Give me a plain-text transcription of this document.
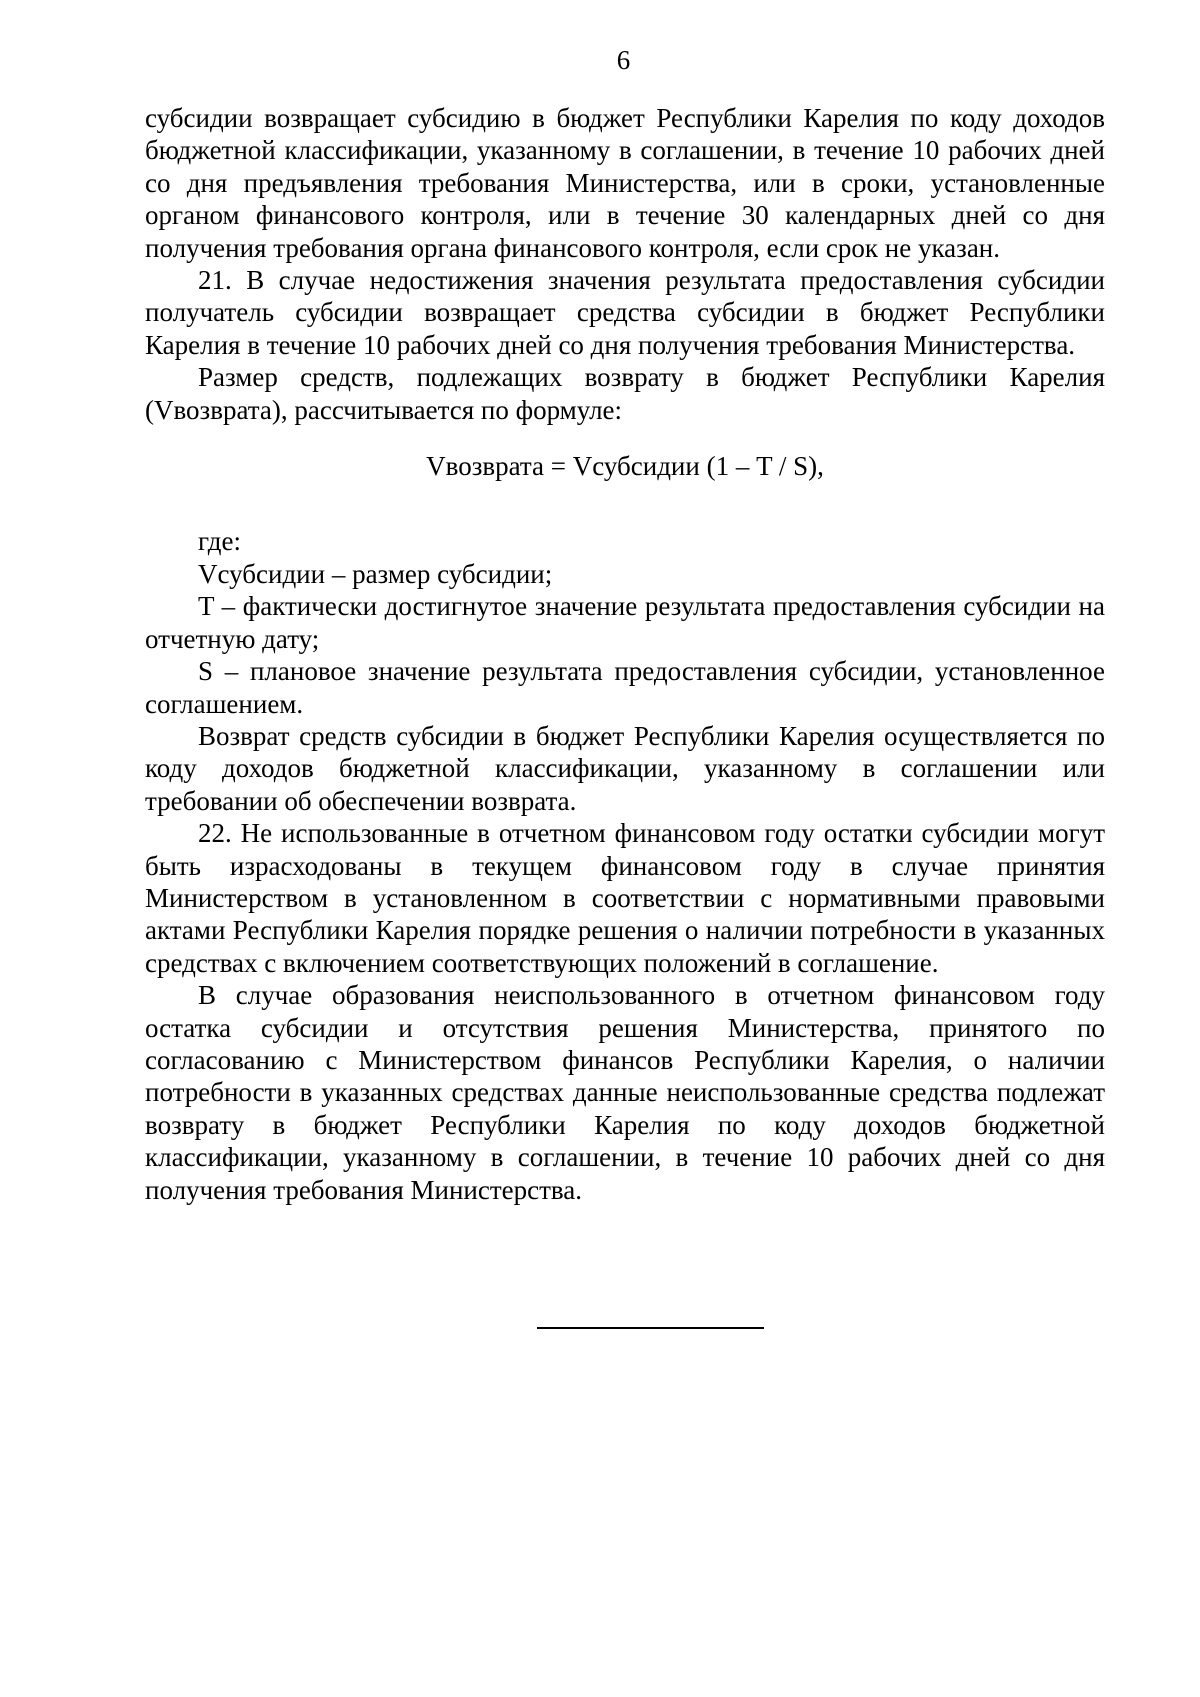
6

субсидии возвращает субсидию в бюджет Республики Карелия по коду доходов бюджетной классификации, указанному в соглашении, в течение 10 рабочих дней со дня предъявления требования Министерства, или в сроки, установленные органом финансового контроля, или в течение 30 календарных дней со дня получения требования органа финансового контроля, если срок не указан.

21. В случае недостижения значения результата предоставления субсидии получатель субсидии возвращает средства субсидии в бюджет Республики Карелия в течение 10 рабочих дней со дня получения требования Министерства.

Размер средств, подлежащих возврату в бюджет Республики Карелия (Vвозврата), рассчитывается по формуле:

Vвозврата = Vсубсидии (1 – T / S),

где:

Vсубсидии – размер субсидии;

T – фактически достигнутое значение результата предоставления субсидии на отчетную дату;

S – плановое значение результата предоставления субсидии, установленное соглашением.

Возврат средств субсидии в бюджет Республики Карелия осуществляется по коду доходов бюджетной классификации, указанному в соглашении или требовании об обеспечении возврата.

22. Не использованные в отчетном финансовом году остатки субсидии могут быть израсходованы в текущем финансовом году в случае принятия Министерством в установленном в соответствии с нормативными правовыми актами Республики Карелия порядке решения о наличии потребности в указанных средствах с включением соответствующих положений в соглашение.

В случае образования неиспользованного в отчетном финансовом году остатка субсидии и отсутствия решения Министерства, принятого по согласованию с Министерством финансов Республики Карелия, о наличии потребности в указанных средствах данные неиспользованные средства подлежат возврату в бюджет Республики Карелия по коду доходов бюджетной классификации, указанному в соглашении, в течение 10 рабочих дней со дня получения требования Министерства.
